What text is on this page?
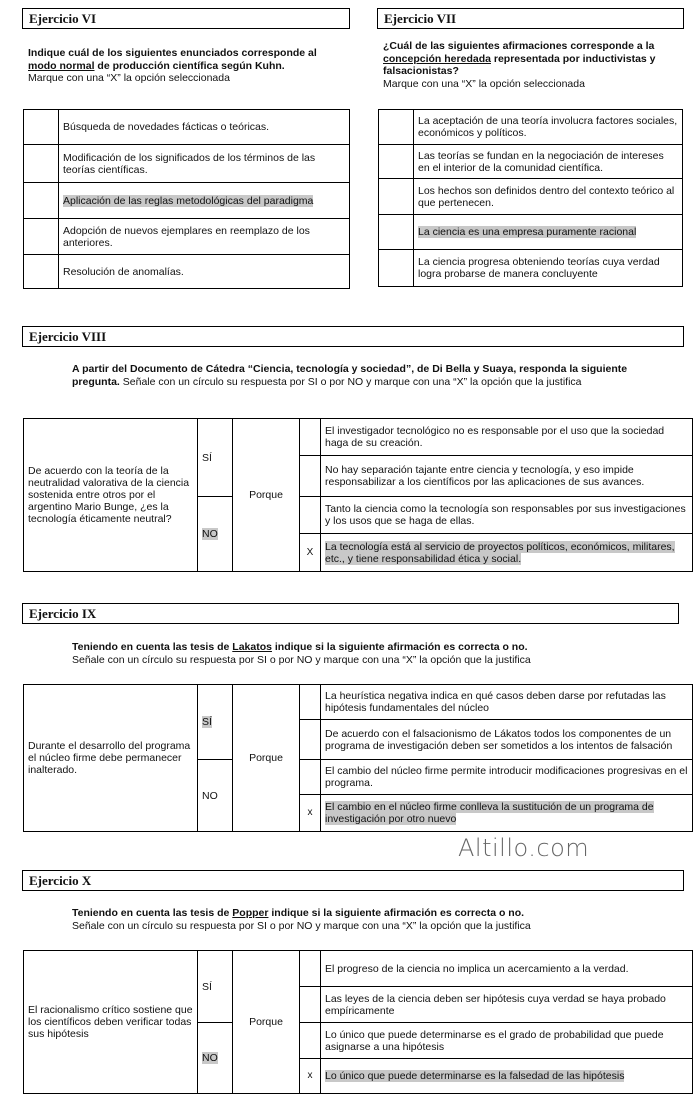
Ejercicio VI
Indique cuál de los siguientes enunciados corresponde al
modo normal de producción científica según Kuhn.
Marque con una “X” la opción seleccionada
	Búsqueda de novedades fácticas o teóricas.
	Modificación de los significados de los términos de las teorías científicas.
	Aplicación de las reglas metodológicas del paradigma
	Adopción de nuevos ejemplares en reemplazo de los anteriores.
	Resolución de anomalías.
Ejercicio VII
¿Cuál de las siguientes afirmaciones corresponde a la
concepción heredada representada por inductivistas y falsacionistas?
Marque con una “X” la opción seleccionada
	La aceptación de una teoría involucra factores sociales, económicos y políticos.
	Las teorías se fundan en la negociación de intereses en el interior de la comunidad científica.
	Los hechos son definidos dentro del contexto teórico al que pertenecen.
	La ciencia es una empresa puramente racional
	La ciencia progresa obteniendo teorías cuya verdad logra probarse de manera concluyente
Ejercicio VIII
A partir del Documento de Cátedra “Ciencia, tecnología y sociedad”, de Di Bella y Suaya, responda la siguiente pregunta. Señale con un círculo su respuesta por SI o por NO y marque con una “X” la opción que la justifica
De acuerdo con la teoría de la neutralidad valorativa de la ciencia sostenida entre otros por el argentino Mario Bunge, ¿es la tecnología éticamente neutral?	SÍ	Porque		El investigador tecnológico no es responsable por el uso que la sociedad haga de su creación.
				No hay separación tajante entre ciencia y tecnología, y eso impide responsabilizar a los científicos por las aplicaciones de sus avances.
	NO			Tanto la ciencia como la tecnología son responsables por sus investigaciones y los usos que se haga de ellas.
			X	La tecnología está al servicio de proyectos políticos, económicos, militares, etc., y tiene responsabilidad ética y social.
Ejercicio IX
Teniendo en cuenta las tesis de Lakatos indique si la siguiente afirmación es correcta o no.
Señale con un círculo su respuesta por SI o por NO y marque con una “X” la opción que la justifica
Durante el desarrollo del programa el núcleo firme debe permanecer inalterado.	SÍ	Porque		La heurística negativa indica en qué casos deben darse por refutadas las hipótesis fundamentales del núcleo
				De acuerdo con el falsacionismo de Lákatos todos los componentes de un programa de investigación deben ser sometidos a los intentos de falsación
	NO			El cambio del núcleo firme permite introducir modificaciones progresivas en el programa.
			x	El cambio en el núcleo firme conlleva la sustitución de un programa de investigación por otro nuevo
Altillo.com
Ejercicio X
Teniendo en cuenta las tesis de Popper indique si la siguiente afirmación es correcta o no.
Señale con un círculo su respuesta por SI o por NO y marque con una “X” la opción que la justifica
El racionalismo crítico sostiene que los científicos deben verificar todas sus hipótesis	SÍ	Porque		El progreso de la ciencia no implica un acercamiento a la verdad.
				Las leyes de la ciencia deben ser hipótesis cuya verdad se haya probado empíricamente
	NO			Lo único que puede determinarse es el grado de probabilidad que puede asignarse a una hipótesis
			x	Lo único que puede determinarse es la falsedad de las hipótesis
